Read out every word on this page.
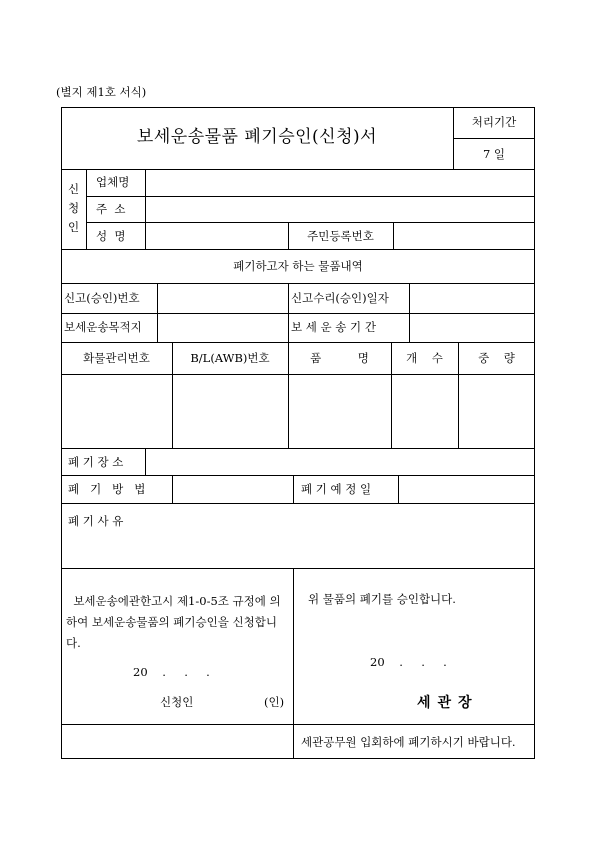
(별지 제1호 서식)
보세운송물품 폐기승인(신청)서
처리기간
7 일
신
청
인
업체명
주  소
성  명	주민등록번호
폐기하고자 하는 물품내역
신고(승인)번호	신고수리(승인)일자
보세운송목적지	보 세 운 송 기 간
화물관리번호	B/L(AWB)번호	품          명	개    수	중    량
폐 기 장 소
폐   기   방   법	폐 기 예 정 일
폐 기 사 유
보세운송에관한고시 제1-0-5조 규정에 의하여 보세운송물품의 폐기승인을 신청합니다.
20    .     .     .
신청인	(인)
위 물품의 폐기를 승인합니다.
20    .     .     .
세관장
세관공무원 입회하에 폐기하시기 바랍니다.
